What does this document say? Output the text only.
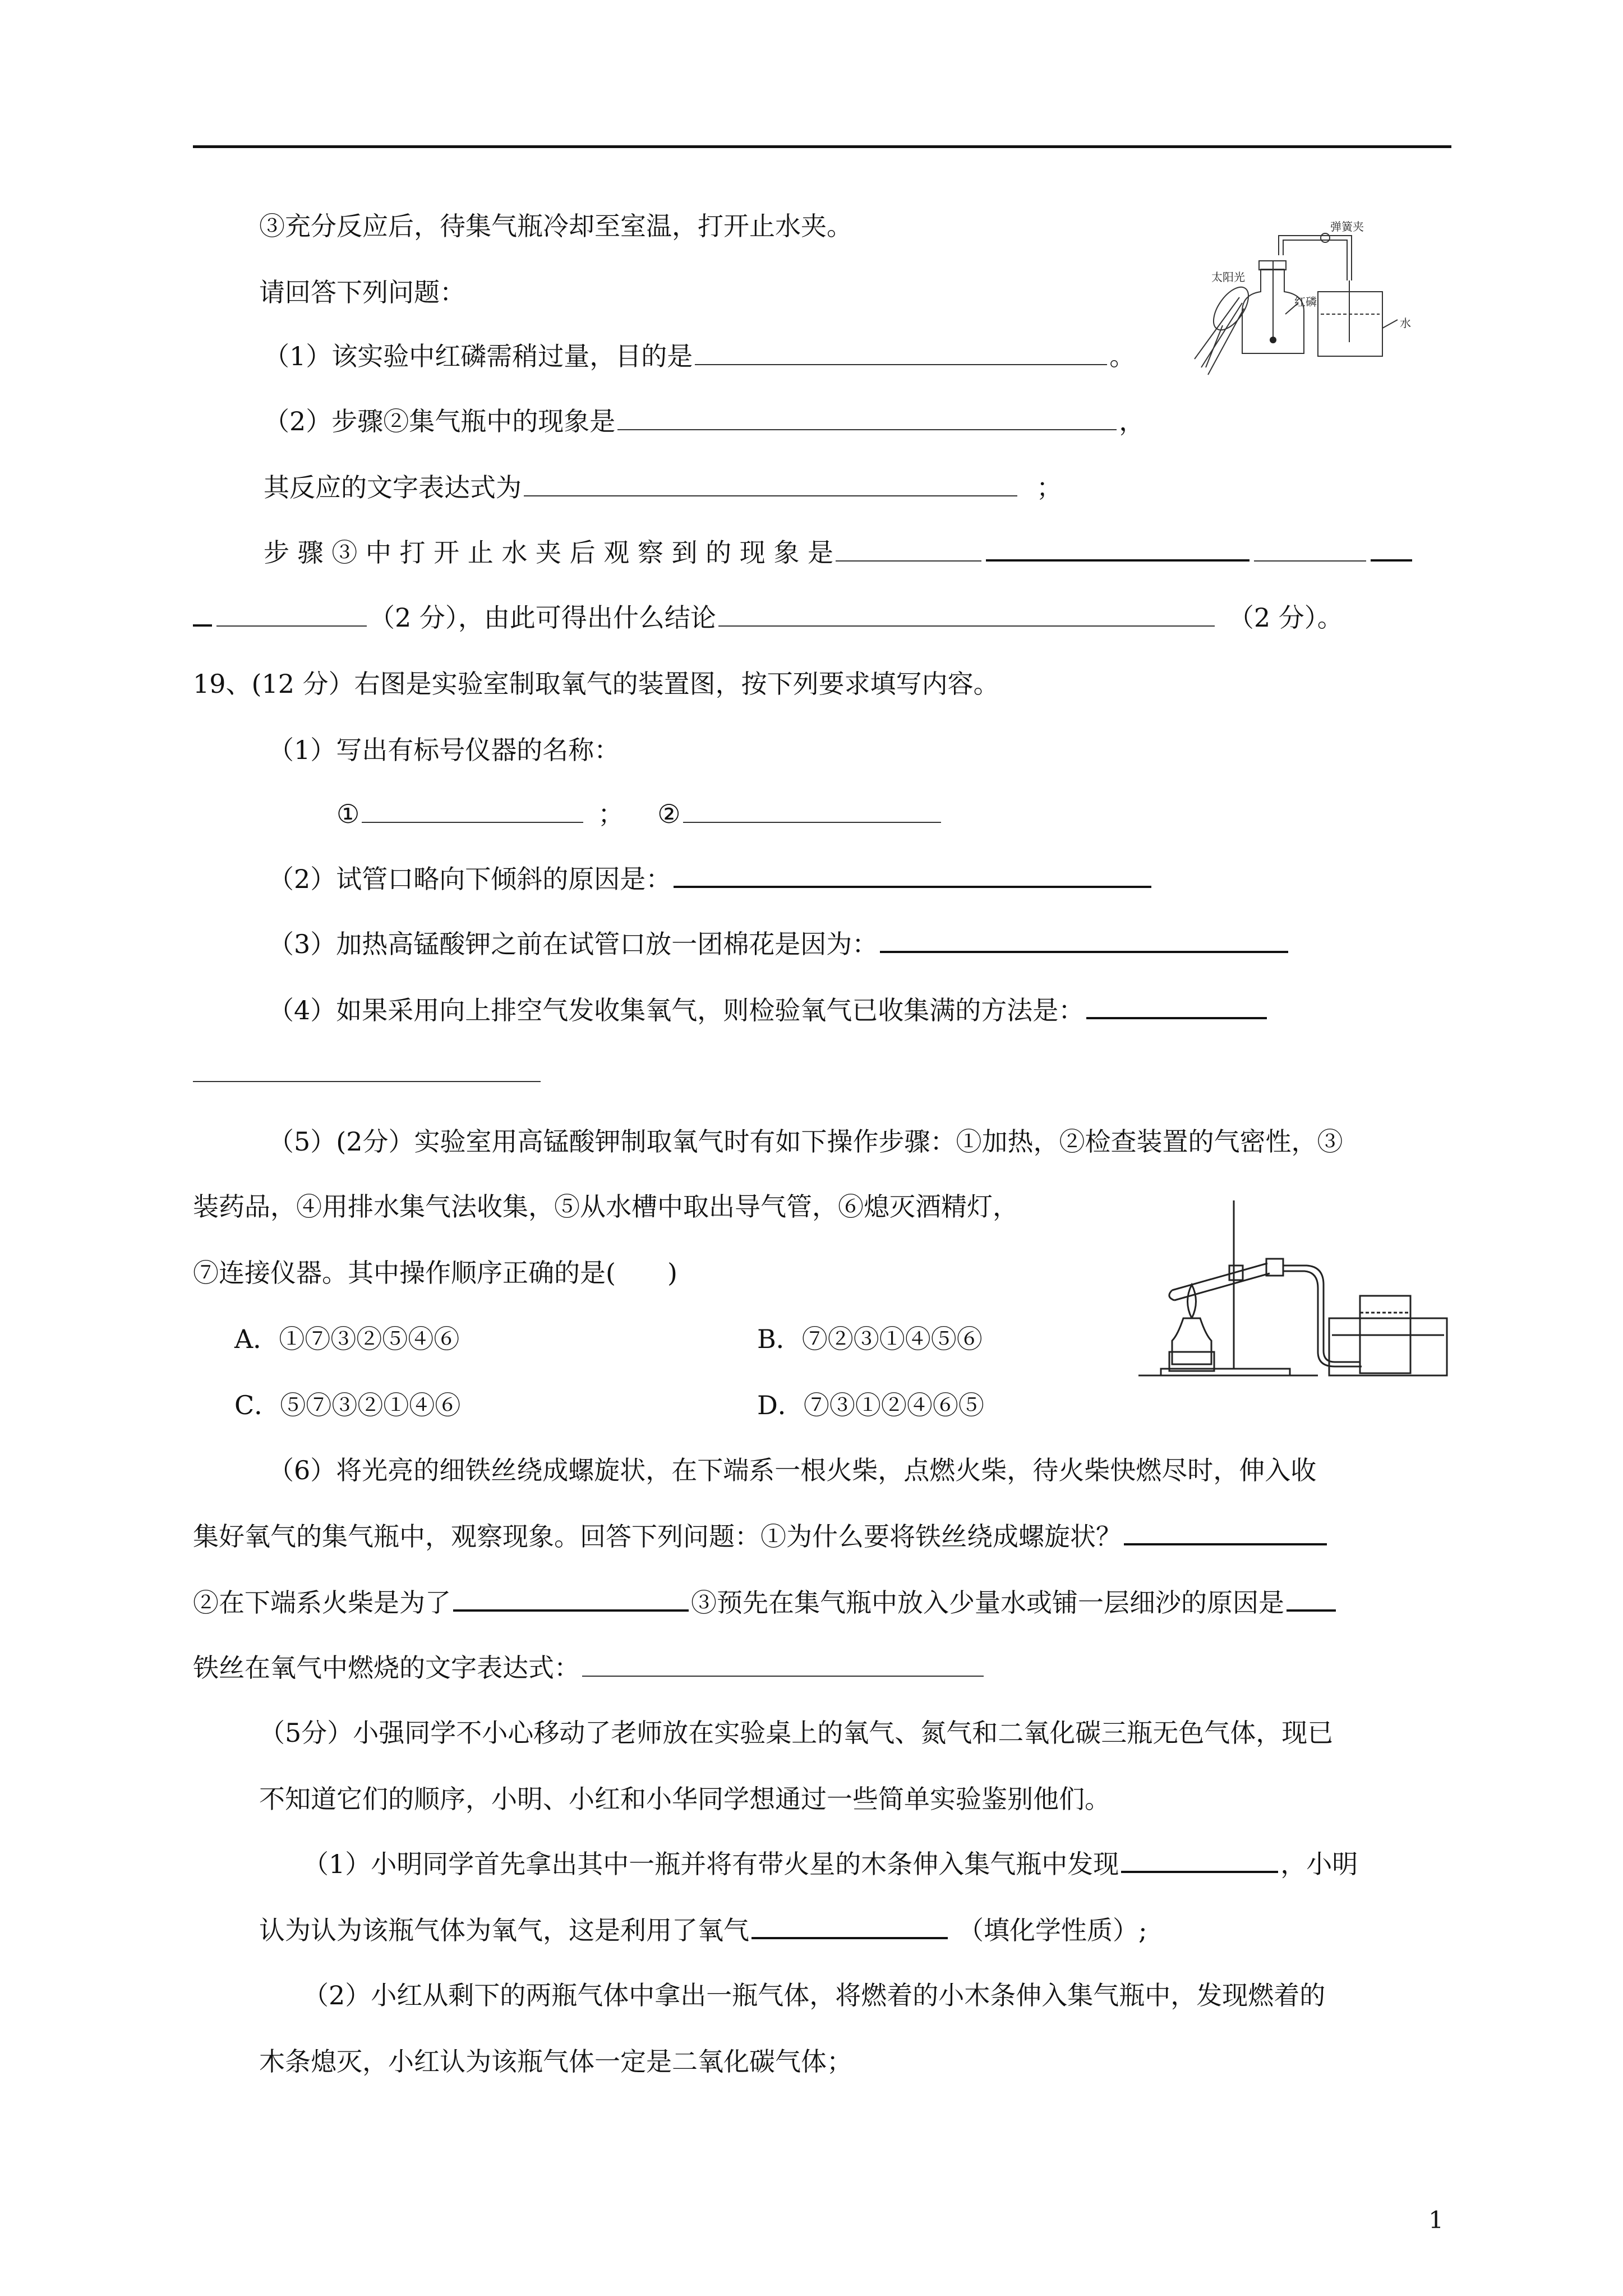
③充分反应后，待集气瓶冷却至室温，打开止水夹。
请回答下列问题：
（1）该实验中红磷需稍过量，目的是	。
（2）步骤②集气瓶中的现象是	，
其反应的文字表达式为	；
步 骤 ③ 中 打 开 止 水 夹 后 观 察 到 的 现 象 是
（2 分），由此可得出什么结论	（2 分）。
19、(12 分）右图是实验室制取氧气的装置图，按下列要求填写内容。
（1）写出有标号仪器的名称：
①	； ②
（2）试管口略向下倾斜的原因是：
（3）加热高锰酸钾之前在试管口放一团棉花是因为：
（4）如果采用向上排空气发收集氧气，则检验氧气已收集满的方法是：
（5）(2分）实验室用高锰酸钾制取氧气时有如下操作步骤：①加热，②检查装置的气密性，③
装药品，④用排水集气法收集，⑤从水槽中取出导气管，⑥熄灭酒精灯，
⑦连接仪器。其中操作顺序正确的是(　　)
A．①⑦③②⑤④⑥	B．⑦②③①④⑤⑥
C．⑤⑦③②①④⑥	D．⑦③①②④⑥⑤
（6）将光亮的细铁丝绕成螺旋状，在下端系一根火柴，点燃火柴，待火柴快燃尽时，伸入收
集好氧气的集气瓶中，观察现象。回答下列问题：①为什么要将铁丝绕成螺旋状？
②在下端系火柴是为了	③预先在集气瓶中放入少量水或铺一层细沙的原因是
铁丝在氧气中燃烧的文字表达式：
（5分）小强同学不小心移动了老师放在实验桌上的氧气、氮气和二氧化碳三瓶无色气体，现已
不知道它们的顺序，小明、小红和小华同学想通过一些简单实验鉴别他们。
（1）小明同学首先拿出其中一瓶并将有带火星的木条伸入集气瓶中发现	，小明
认为认为该瓶气体为氧气，这是利用了氧气	（填化学性质）;
（2）小红从剩下的两瓶气体中拿出一瓶气体，将燃着的小木条伸入集气瓶中，发现燃着的
木条熄灭，小红认为该瓶气体一定是二氧化碳气体；
弹簧夹
太阳光
红磷
水
1
